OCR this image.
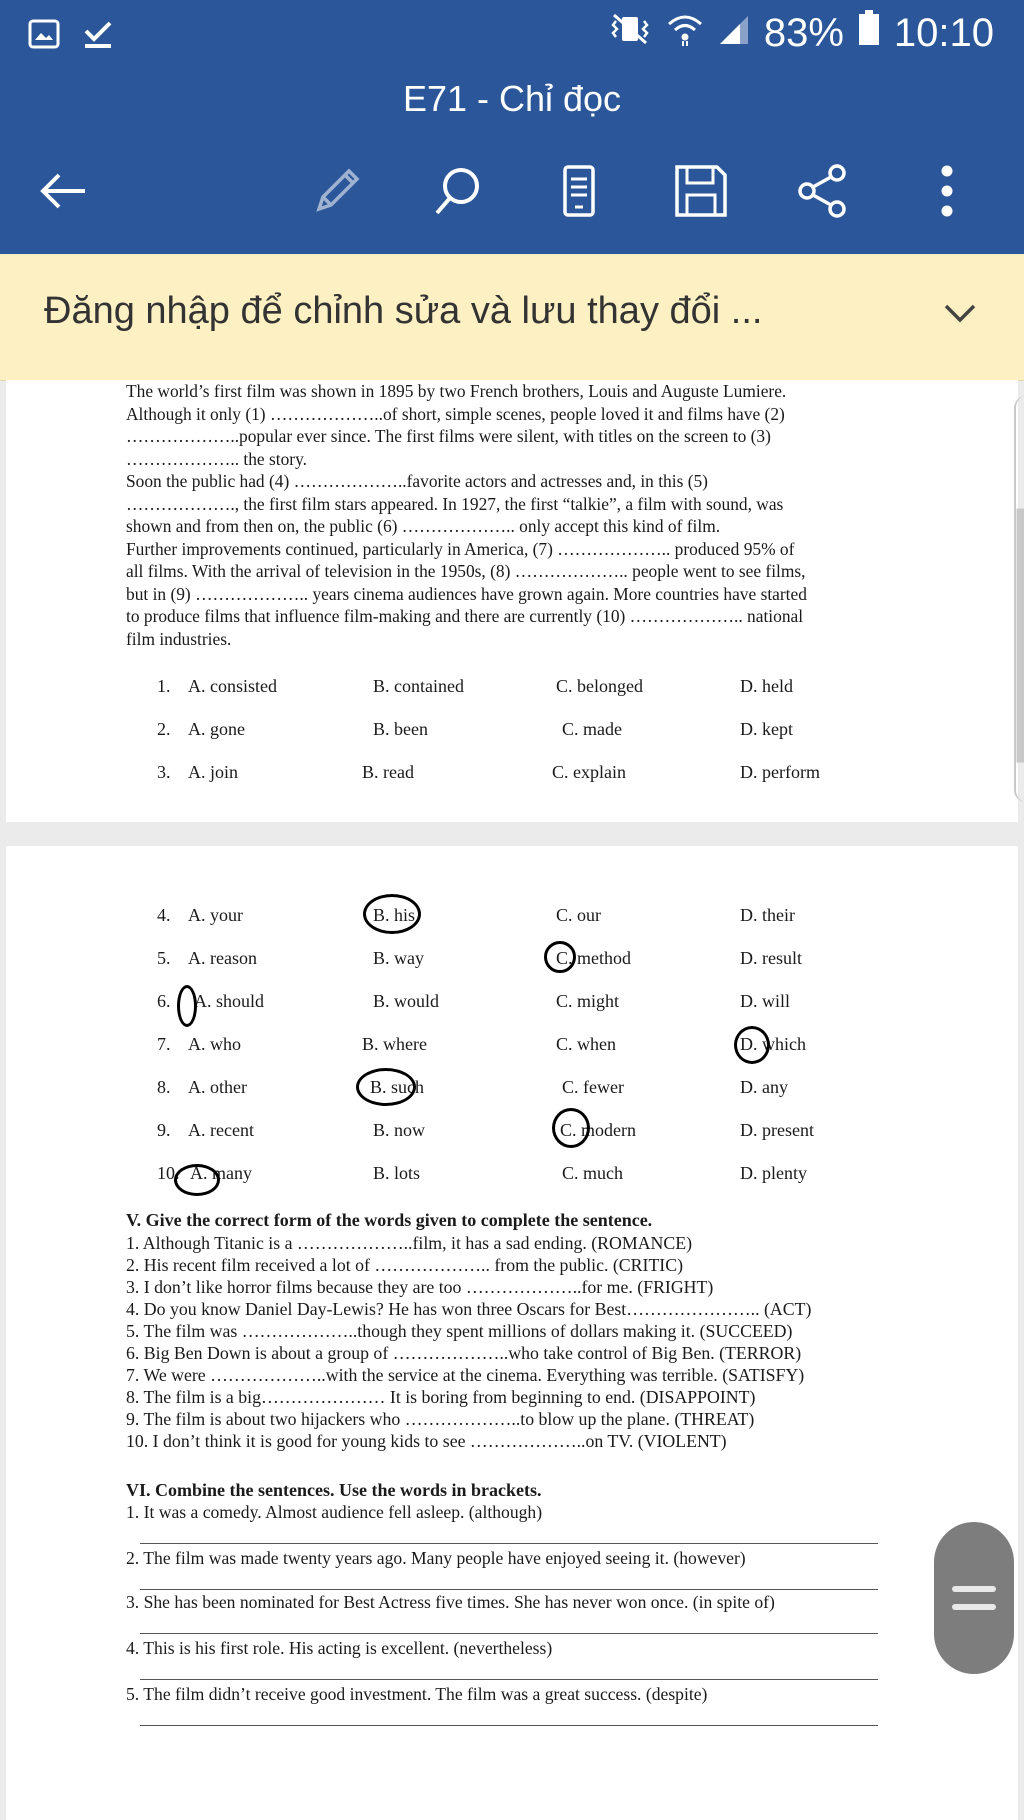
83% 10:10
E71 - Chỉ đọc
Đăng nhập để chỉnh sửa và lưu thay đổi ...
The world’s first film was shown in 1895 by two French brothers, Louis and Auguste Lumiere.
Although it only (1) ………………..of short, simple scenes, people loved it and films have (2)
………………..popular ever since. The first films were silent, with titles on the screen to (3)
……………….. the story.
Soon the public had (4) ………………..favorite actors and actresses and, in this (5)
………………., the first film stars appeared. In 1927, the first “talkie”, a film with sound, was
shown and from then on, the public (6) ……………….. only accept this kind of film.
Further improvements continued, particularly in America, (7) ……………….. produced 95% of
all films. With the arrival of television in the 1950s, (8) ……………….. people went to see films,
but in (9) ……………….. years cinema audiences have grown again. More countries have started
to produce films that influence film-making and there are currently (10) ……………….. national
film industries.
1. A. consisted	B. contained	C. belonged	D. held
2. A. gone	B. been	C. made	D. kept
3. A. join	B. read	C. explain	D. perform
4. A. your	B. his	C. our	D. their
5. A. reason	B. way	C. method	D. result
6. A. should	B. would	C. might	D. will
7. A. who	B. where	C. when	D. which
8. A. other	B. such	C. fewer	D. any
9. A. recent	B. now	C. modern	D. present
10. A. many	B. lots	C. much	D. plenty
V. Give the correct form of the words given to complete the sentence.
1. Although Titanic is a ………………..film, it has a sad ending. (ROMANCE)
2. His recent film received a lot of ……………….. from the public. (CRITIC)
3. I don’t like horror films because they are too ………………..for me. (FRIGHT)
4. Do you know Daniel Day-Lewis? He has won three Oscars for Best………………….. (ACT)
5. The film was ………………..though they spent millions of dollars making it. (SUCCEED)
6. Big Ben Down is about a group of ………………..who take control of Big Ben. (TERROR)
7. We were ………………..with the service at the cinema. Everything was terrible. (SATISFY)
8. The film is a big………………… It is boring from beginning to end. (DISAPPOINT)
9. The film is about two hijackers who ………………..to blow up the plane. (THREAT)
10. I don’t think it is good for young kids to see ………………..on TV. (VIOLENT)
VI. Combine the sentences. Use the words in brackets.
1. It was a comedy. Almost audience fell asleep. (although)
2. The film was made twenty years ago. Many people have enjoyed seeing it. (however)
3. She has been nominated for Best Actress five times. She has never won once. (in spite of)
4. This is his first role. His acting is excellent. (nevertheless)
5. The film didn’t receive good investment. The film was a great success. (despite)
